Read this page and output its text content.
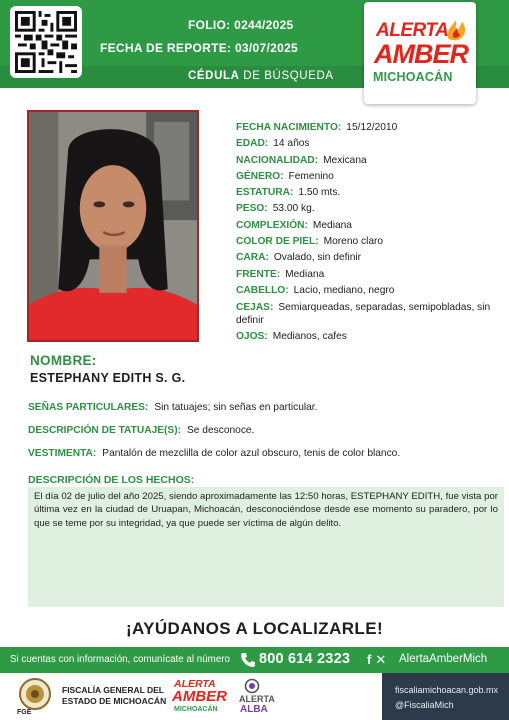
FOLIO: 0244/2025
FECHA DE REPORTE: 03/07/2025
CÉDULA DE BÚSQUEDA
ALERTA
AMBER
MICHOACÁN
FECHA NACIMIENTO: 15/12/2010
EDAD: 14 años
NACIONALIDAD: Mexicana
GÉNERO: Femenino
ESTATURA: 1.50 mts.
PESO: 53.00 kg.
COMPLEXIÓN: Mediana
COLOR DE PIEL: Moreno claro
CARA: Ovalado, sin definir
FRENTE: Mediana
CABELLO: Lacio, mediano, negro
CEJAS: Semiarqueadas, separadas, semipobladas, sin definir
OJOS: Medianos, cafes
NOMBRE:
ESTEPHANY EDITH S. G.
SEÑAS PARTICULARES: Sin tatuajes; sin señas en particular.
DESCRIPCIÓN DE TATUAJE(S): Se desconoce.
VESTIMENTA: Pantalón de mezclilla de color azul obscuro, tenis de color blanco.
DESCRIPCIÓN DE LOS HECHOS:

El día 02 de julio del año 2025, siendo aproximadamente las 12:50 horas, ESTEPHANY EDITH, fue vista por última vez en la ciudad de Uruapan, Michoacán, desconociéndose desde ese momento su paradero, por lo que se teme por su integridad, ya que puede ser víctima de algún delito.

¡AYÚDANOS A LOCALIZARLE!
Si cuentas con información, comunícate al número 800 614 2323 f ✕	AlertaAmberMich
FGE
FISCALÍA GENERAL DEL
ESTADO DE MICHOACÁN
ALERTA
AMBER
MICHOACÁN
ALERTA
ALBA
fiscaliamichoacan.gob.mx
@FiscaliaMich
